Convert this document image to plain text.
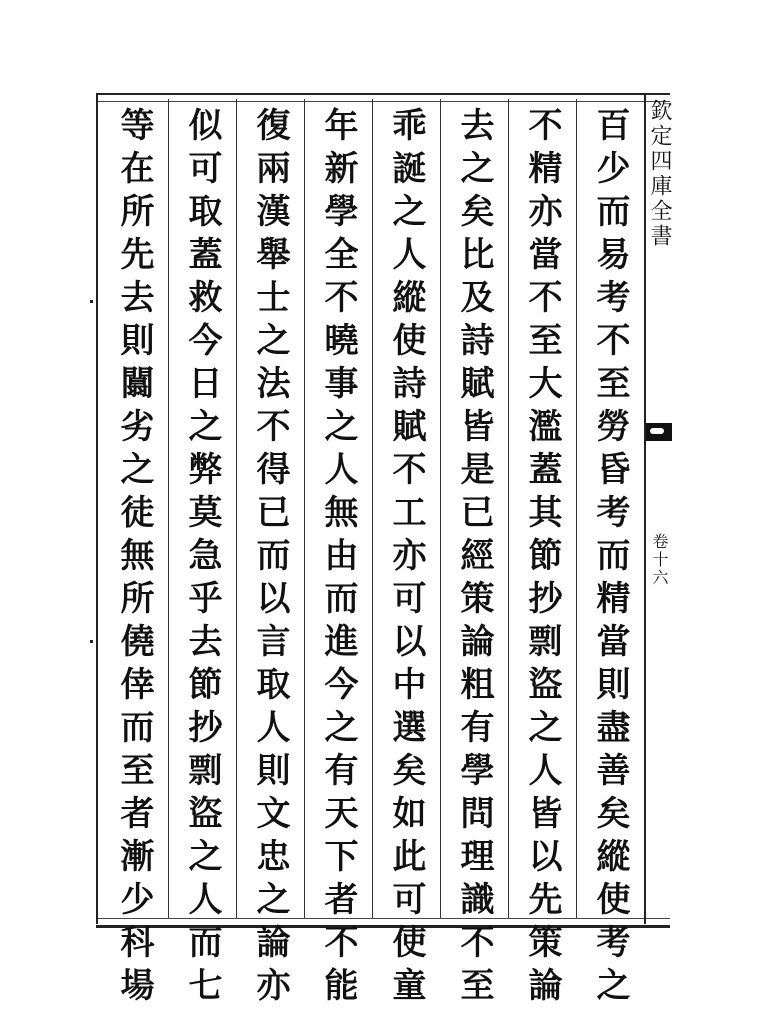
欽定四庫全書
卷十六
百少而易考不至勞昏考而精當則盡善矣縱使考之
不精亦當不至大濫蓋其節抄剽盜之人皆以先策論
去之矣比及詩賦皆是已經策論粗有學問理識不至
乖誕之人縱使詩賦不工亦可以中選矣如此可使童
年新學全不曉事之人無由而進今之有天下者不能
復兩漢舉士之法不得已而以言取人則文忠之論亦
似可取蓋救今日之弊莫急乎去節抄剽盜之人而七
等在所先去則闒劣之徒無所僥倖而至者漸少科場
